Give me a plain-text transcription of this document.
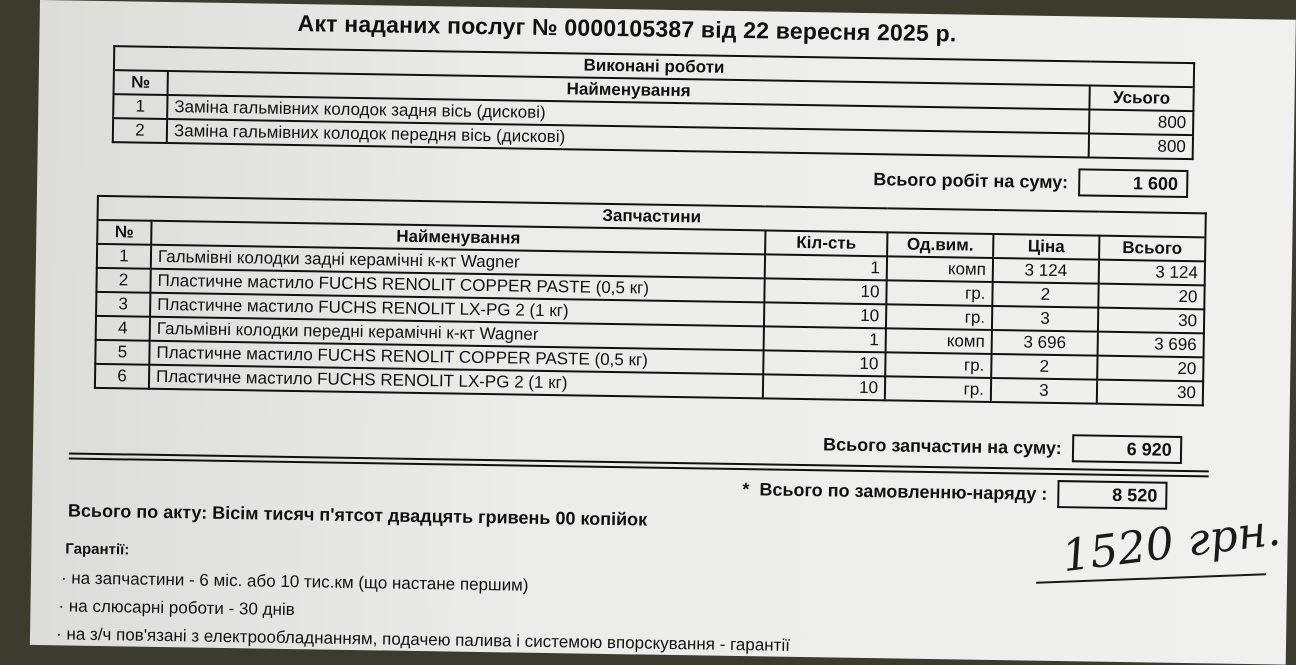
Акт наданих послуг № 0000105387 від 22 вересня 2025 р.
Виконані роботи		
№	Найменування	Усього
1	Заміна гальмівних колодок задня вісь (дискові)	800
2	Заміна гальмівних колодок передня вісь (дискові)	800
Всього робіт на суму:	1 600
Запчастини					
№	Найменування	Кіл-сть	Од.вим.	Ціна	Всього
1	Гальмівні колодки задні керамічні к-кт Wagner	1	комп	3 124	3 124
2	Пластичне мастило FUCHS RENOLIT COPPER PASTE (0,5 кг)	10	гр.	2	20
3	Пластичне мастило FUCHS RENOLIT LX-PG 2 (1 кг)	10	гр.	3	30
4	Гальмівні колодки передні керамічні к-кт Wagner	1	комп	3 696	3 696
5	Пластичне мастило FUCHS RENOLIT COPPER PASTE (0,5 кг)	10	гр.	2	20
6	Пластичне мастило FUCHS RENOLIT LX-PG 2 (1 кг)	10	гр.	3	30
Всього запчастин на суму:	6 920
* Всього по замовленню-наряду :	8 520
Всього по акту: Вісім тисяч п'ятсот двадцять гривень 00 копійок
Гарантії:
· на запчастини - 6 міс. або 10 тис.км (що настане першим)
· на слюсарні роботи - 30 днів
· на з/ч пов'язані з електрообладнанням, подачею палива і системою впорскування - гарантії
1520 грн.
